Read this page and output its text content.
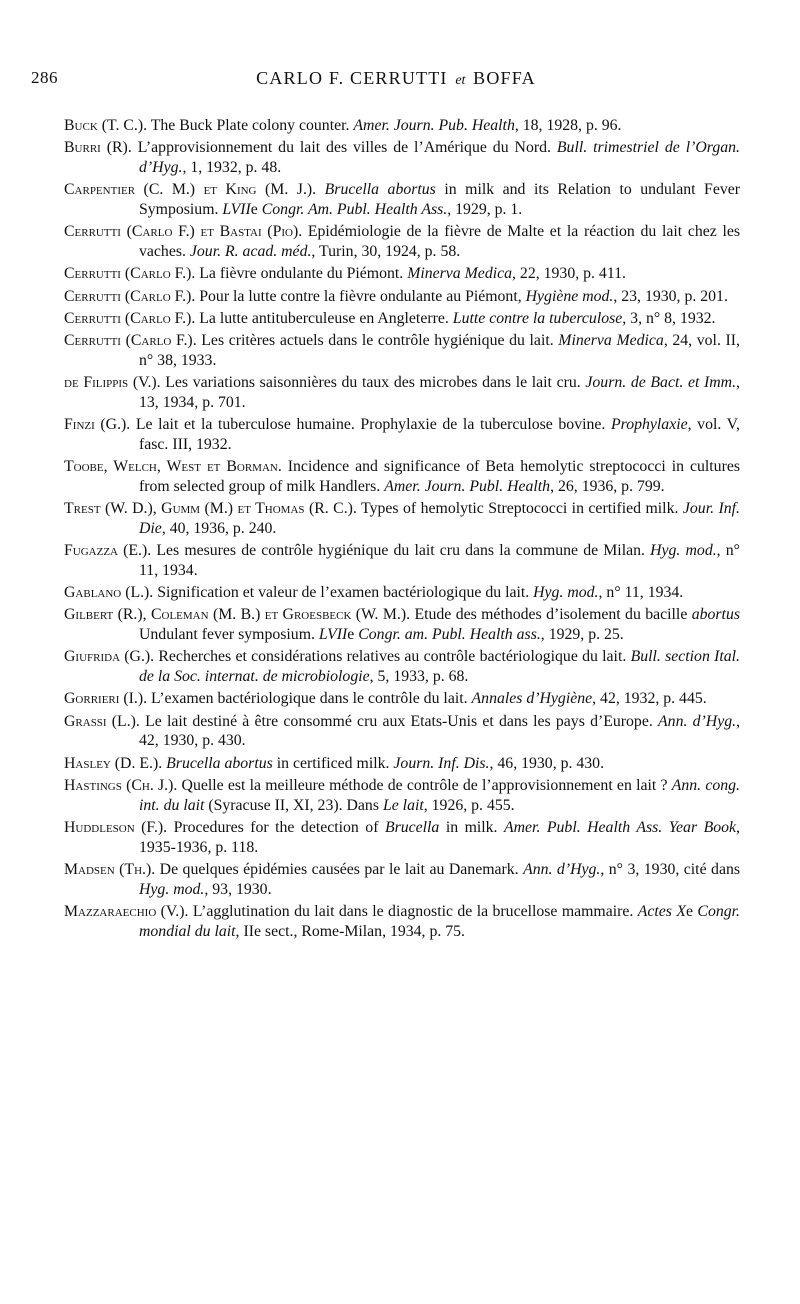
286	CARLO F. CERRUTTI et BOFFA

Buck (T. C.). The Buck Plate colony counter. Amer. Journ. Pub. Health, 18, 1928, p. 96.

Burri (R). L’approvisionnement du lait des villes de l’Amérique du Nord. Bull. trimestriel de l’Organ. d’Hyg., 1, 1932, p. 48.

Carpentier (C. M.) et King (M. J.). Brucella abortus in milk and its Relation to undulant Fever Symposium. LVIIe Congr. Am. Publ. Health Ass., 1929, p. 1.

Cerrutti (Carlo F.) et Bastai (Pio). Epidémiologie de la fièvre de Malte et la réaction du lait chez les vaches. Jour. R. acad. méd., Turin, 30, 1924, p. 58.

Cerrutti (Carlo F.). La fièvre ondulante du Piémont. Minerva Medica, 22, 1930, p. 411.

Cerrutti (Carlo F.). Pour la lutte contre la fièvre ondulante au Piémont, Hygiène mod., 23, 1930, p. 201.

Cerrutti (Carlo F.). La lutte antituberculeuse en Angleterre. Lutte contre la tuberculose, 3, n° 8, 1932.

Cerrutti (Carlo F.). Les critères actuels dans le contrôle hygiénique du lait. Minerva Medica, 24, vol. II, n° 38, 1933.

de Filippis (V.). Les variations saisonnières du taux des microbes dans le lait cru. Journ. de Bact. et Imm., 13, 1934, p. 701.

Finzi (G.). Le lait et la tuberculose humaine. Prophylaxie de la tuberculose bovine. Prophylaxie, vol. V, fasc. III, 1932.

Toobe, Welch, West et Borman. Incidence and significance of Beta hemolytic streptococci in cultures from selected group of milk Handlers. Amer. Journ. Publ. Health, 26, 1936, p. 799.

Trest (W. D.), Gumm (M.) et Thomas (R. C.). Types of hemolytic Streptococci in certified milk. Jour. Inf. Die, 40, 1936, p. 240.

Fugazza (E.). Les mesures de contrôle hygiénique du lait cru dans la commune de Milan. Hyg. mod., n° 11, 1934.

Gablano (L.). Signification et valeur de l’examen bactériologique du lait. Hyg. mod., n° 11, 1934.

Gilbert (R.), Coleman (M. B.) et Groesbeck (W. M.). Etude des méthodes d’isolement du bacille abortus Undulant fever symposium. LVIIe Congr. am. Publ. Health ass., 1929, p. 25.

Giufrida (G.). Recherches et considérations relatives au contrôle bactériologique du lait. Bull. section Ital. de la Soc. internat. de microbiologie, 5, 1933, p. 68.

Gorrieri (I.). L’examen bactériologique dans le contrôle du lait. Annales d’Hygiène, 42, 1932, p. 445.

Grassi (L.). Le lait destiné à être consommé cru aux Etats-Unis et dans les pays d’Europe. Ann. d’Hyg., 42, 1930, p. 430.

Hasley (D. E.). Brucella abortus in certificed milk. Journ. Inf. Dis., 46, 1930, p. 430.

Hastings (Ch. J.). Quelle est la meilleure méthode de contrôle de l’approvisionnement en lait ? Ann. cong. int. du lait (Syracuse II, XI, 23). Dans Le lait, 1926, p. 455.

Huddleson (F.). Procedures for the detection of Brucella in milk. Amer. Publ. Health Ass. Year Book, 1935-1936, p. 118.

Madsen (Th.). De quelques épidémies causées par le lait au Danemark. Ann. d’Hyg., n° 3, 1930, cité dans Hyg. mod., 93, 1930.

Mazzaraechio (V.). L’agglutination du lait dans le diagnostic de la brucellose mammaire. Actes Xe Congr. mondial du lait, IIe sect., Rome-Milan, 1934, p. 75.
